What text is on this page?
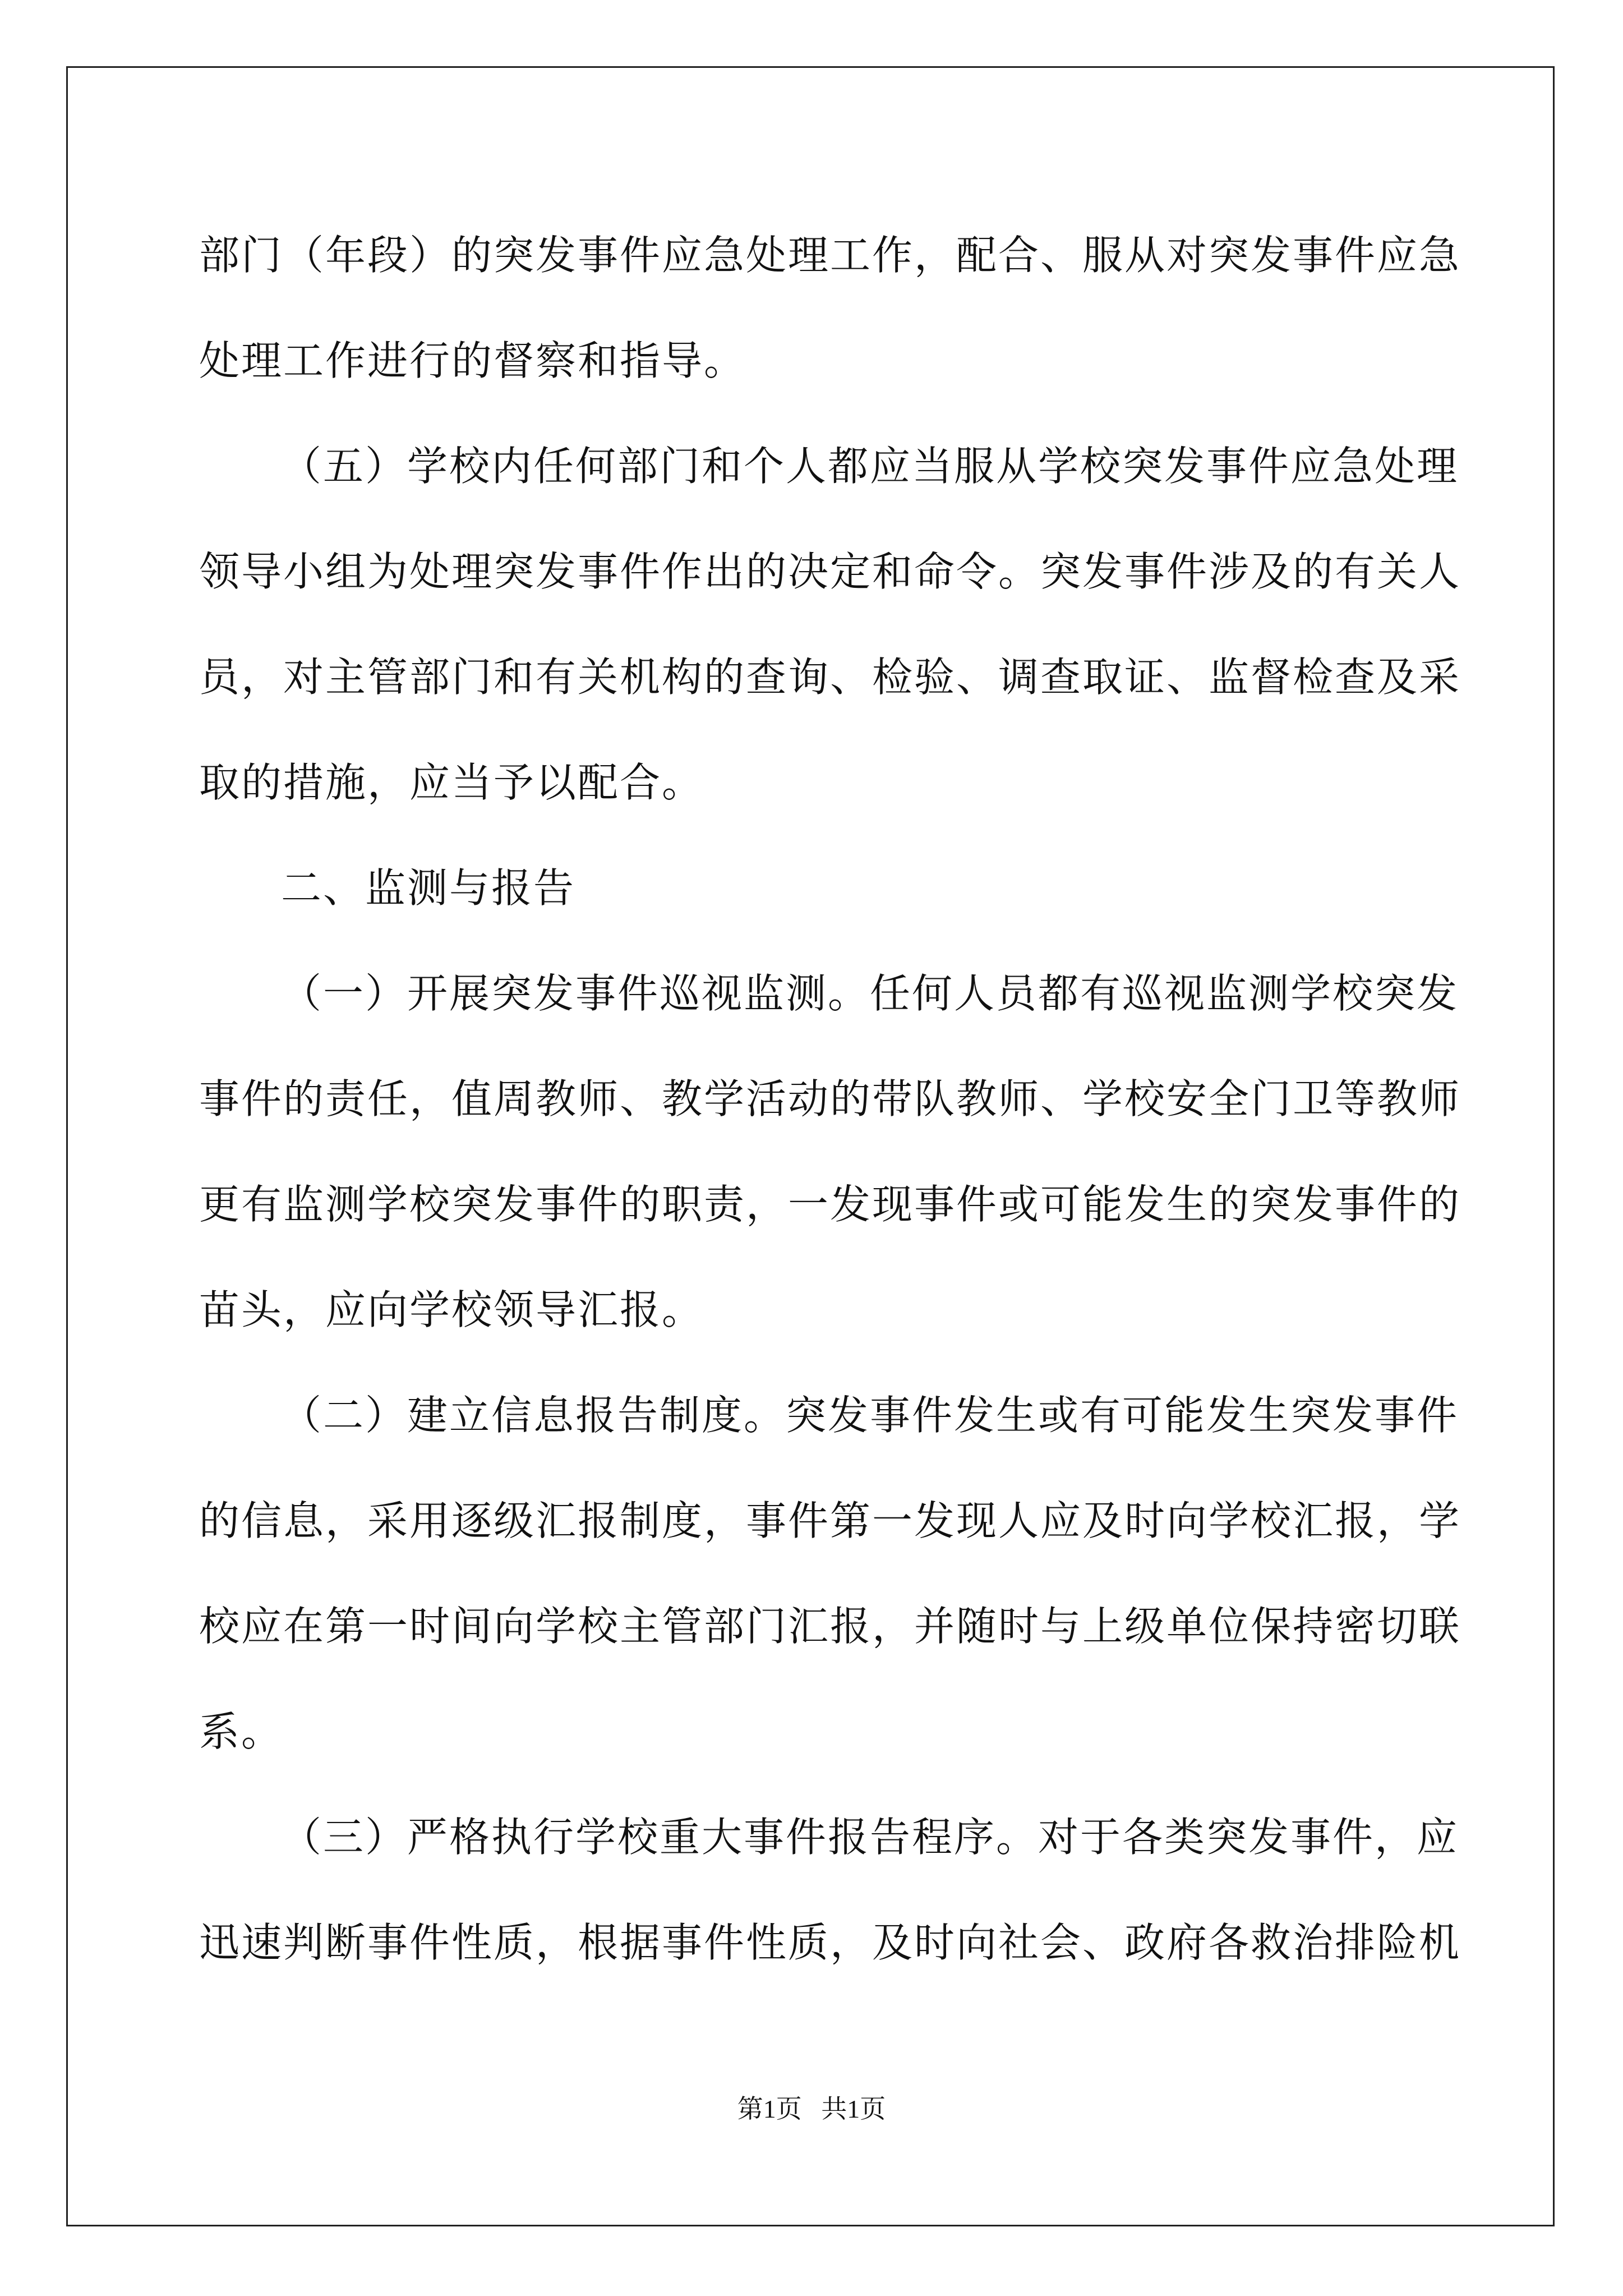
部门（年段）的突发事件应急处理工作，配合、服从对突发事件应急
处理工作进行的督察和指导。
（五）学校内任何部门和个人都应当服从学校突发事件应急处理
领导小组为处理突发事件作出的决定和命令。突发事件涉及的有关人
员，对主管部门和有关机构的查询、检验、调查取证、监督检查及采
取的措施，应当予以配合。
二、监测与报告
（一）开展突发事件巡视监测。任何人员都有巡视监测学校突发
事件的责任，值周教师、教学活动的带队教师、学校安全门卫等教师
更有监测学校突发事件的职责，一发现事件或可能发生的突发事件的
苗头，应向学校领导汇报。
（二）建立信息报告制度。突发事件发生或有可能发生突发事件
的信息，采用逐级汇报制度，事件第一发现人应及时向学校汇报，学
校应在第一时间向学校主管部门汇报，并随时与上级单位保持密切联
系。
（三）严格执行学校重大事件报告程序。对于各类突发事件，应
迅速判断事件性质，根据事件性质，及时向社会、政府各救治排险机
第1页   共1页
